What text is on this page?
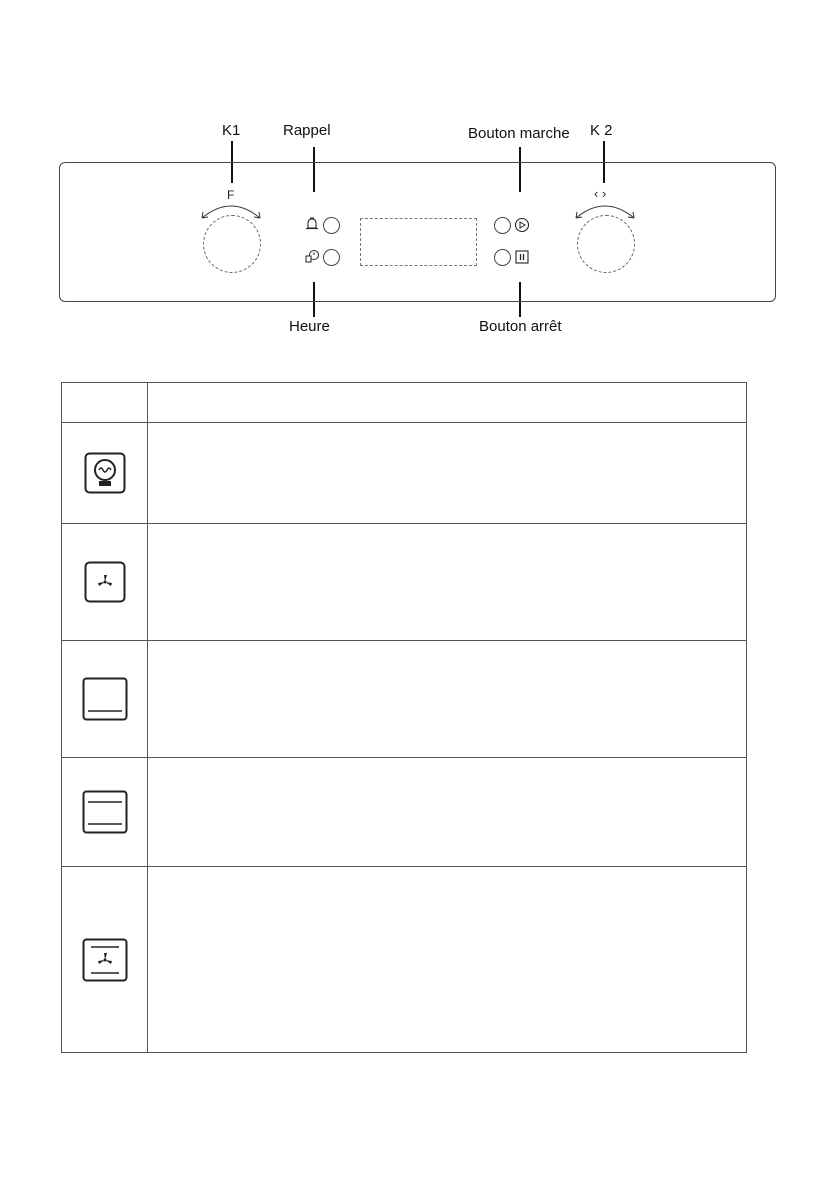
K1	Rappel	Bouton marche K 2
Heure	Bouton arrêt
F	‹ ›
